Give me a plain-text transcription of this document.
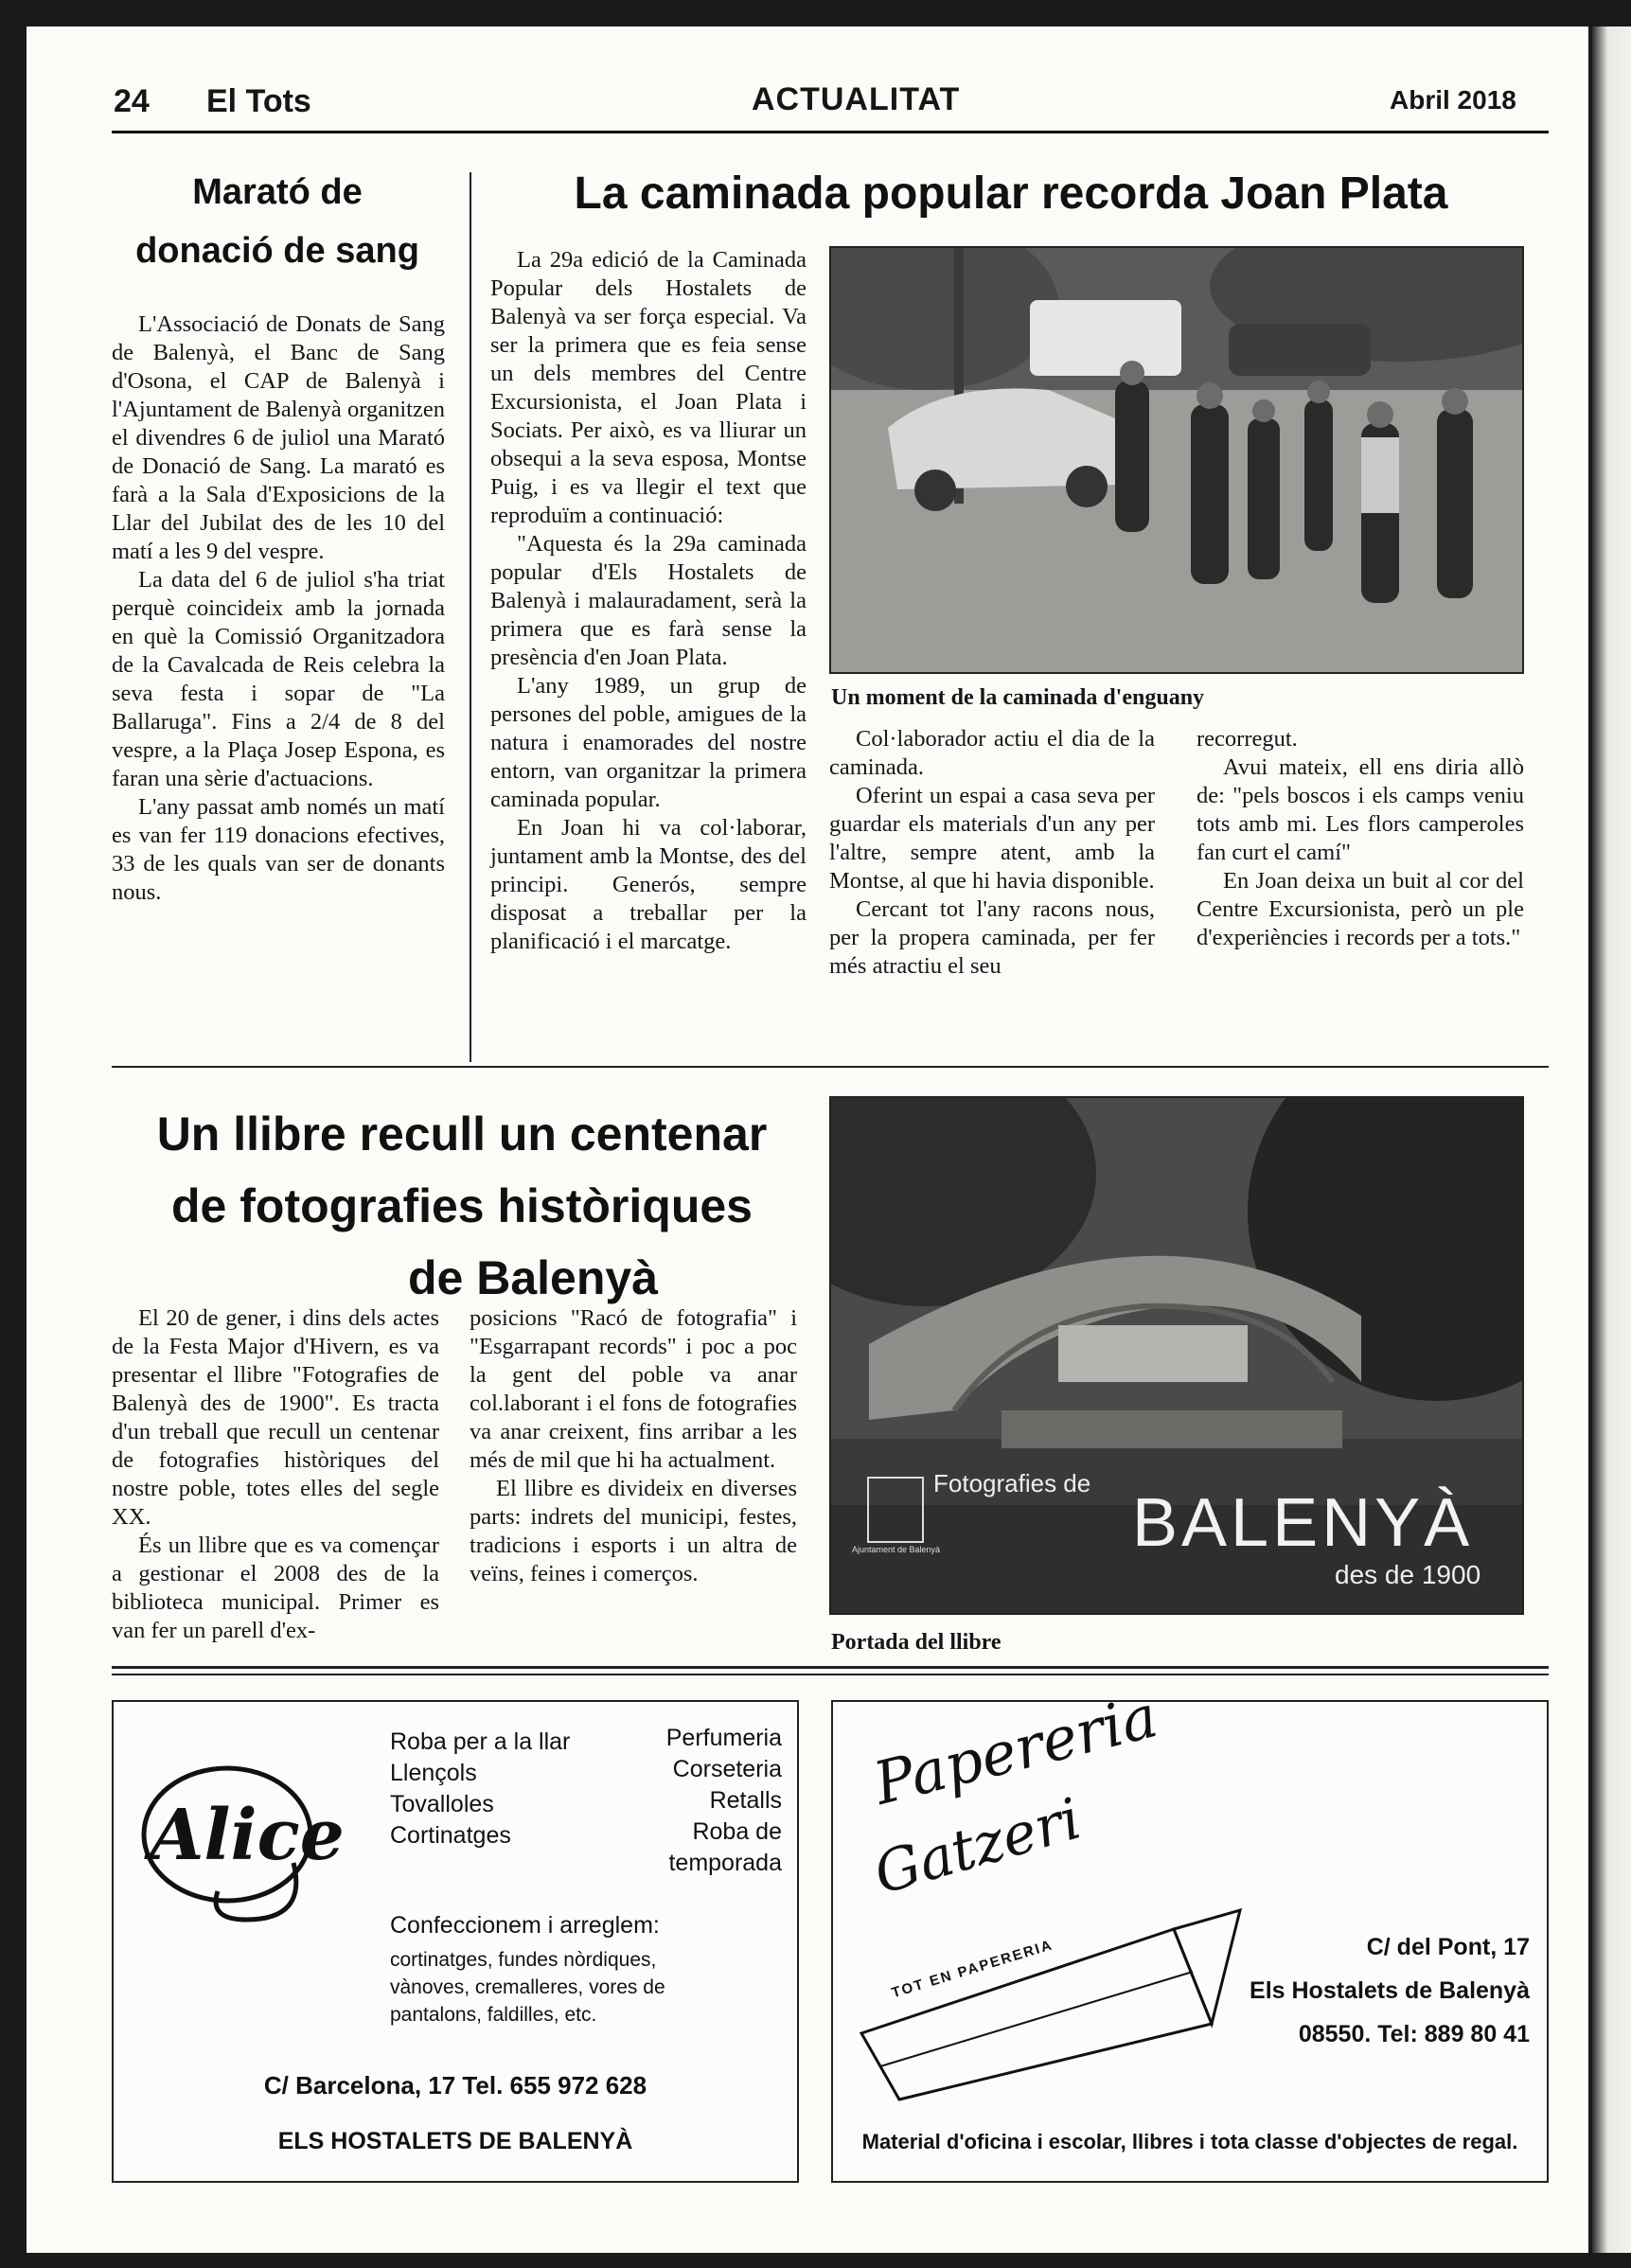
24 El Tots	ACTUALITAT	Abril 2018
Marató de
donació de sang

L'Associació de Donats de Sang de Balenyà, el Banc de Sang d'Osona, el CAP de Balenyà i l'Ajuntament de Balenyà organitzen el divendres 6 de juliol una Marató de Donació de Sang. La marató es farà a la Sala d'Exposicions de la Llar del Jubilat des de les 10 del matí a les 9 del vespre.

La data del 6 de juliol s'ha triat perquè coincideix amb la jornada en què la Comissió Organitzadora de la Cavalcada de Reis celebra la seva festa i sopar de "La Ballaruga". Fins a 2/4 de 8 del vespre, a la Plaça Josep Espona, es faran una sèrie d'actuacions.

L'any passat amb només un matí es van fer 119 donacions efectives, 33 de les quals van ser de donants nous.

La caminada popular recorda Joan Plata

La 29a edició de la Caminada Popular dels Hostalets de Balenyà va ser força especial. Va ser la primera que es feia sense un dels membres del Centre Excursionista, el Joan Plata i Sociats. Per això, es va lliurar un obsequi a la seva esposa, Montse Puig, i es va llegir el text que reproduïm a continuació:

"Aquesta és la 29a caminada popular d'Els Hostalets de Balenyà i malauradament, serà la primera que es farà sense la presència d'en Joan Plata.

L'any 1989, un grup de persones del poble, amigues de la natura i enamorades del nostre entorn, van organitzar la primera caminada popular.

En Joan hi va col·laborar, juntament amb la Montse, des del principi. Generós, sempre disposat a treballar per la planificació i el marcatge.

Un moment de la caminada d'enguany

Col·laborador actiu el dia de la caminada.

Oferint un espai a casa seva per guardar els materials d'un any per l'altre, sempre atent, amb la Montse, al que hi havia disponible.

Cercant tot l'any racons nous, per la propera caminada, per fer més atractiu el seu

recorregut.

Avui mateix, ell ens diria allò de: "pels boscos i els camps veniu tots amb mi. Les flors camperoles fan curt el camí"

En Joan deixa un buit al cor del Centre Excursionista, però un ple d'experiències i records per a tots."

Un llibre recull un centenar
de fotografies històriques
de Balenyà

El 20 de gener, i dins dels actes de la Festa Major d'Hivern, es va presentar el llibre "Fotografies de Balenyà des de 1900". Es tracta d'un treball que recull un centenar de fotografies històriques del nostre poble, totes elles del segle XX.

És un llibre que es va començar a gestionar el 2008 des de la biblioteca municipal. Primer es van fer un parell d'ex-

posicions "Racó de fotografia" i "Esgarrapant records" i poc a poc la gent del poble va anar col.laborant i el fons de fotografies va anar creixent, fins arribar a les més de mil que hi ha actualment.

El llibre es divideix en diverses parts: indrets del municipi, festes, tradicions i esports i un altra de veïns, feines i comerços.

Ajuntament de Balenyà
Fotografies de
BALENYÀ
des de 1900
Portada del llibre
Alice
Roba per a la llar
Llençols
Tovalloles
Cortinatges
Perfumeria
Corseteria
Retalls
Roba de
temporada
Confeccionem i arreglem:
cortinatges, fundes nòrdiques,
vànoves, cremalleres, vores de
pantalons, faldilles, etc.
C/ Barcelona, 17 Tel. 655 972 628
ELS HOSTALETS DE BALENYÀ
Papereria
Gatzeri
TOT EN PAPERERIA	C/ del Pont, 17
Els Hostalets de Balenyà
08550. Tel: 889 80 41
Material d'oficina i escolar, llibres i tota classe d'objectes de regal.
